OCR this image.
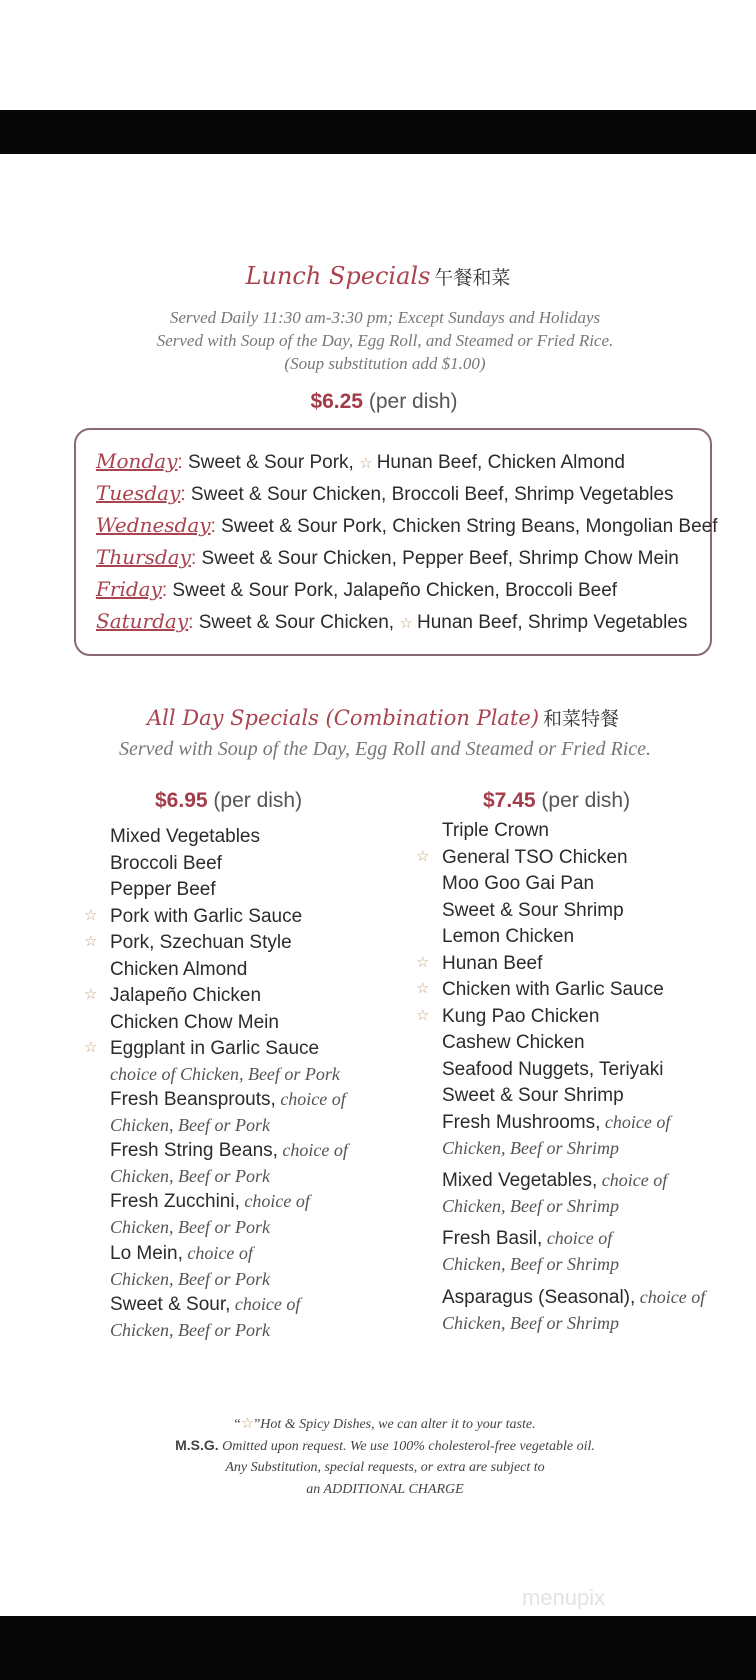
Lunch Specials 午餐和菜
Served Daily 11:30 am-3:30 pm; Except Sundays and Holidays
Served with Soup of the Day, Egg Roll, and Steamed or Fried Rice.
(Soup substitution add $1.00)
$6.25 (per dish)
Monday: Sweet & Sour Pork, ☆ Hunan Beef, Chicken Almond
Tuesday: Sweet & Sour Chicken, Broccoli Beef, Shrimp Vegetables
Wednesday: Sweet & Sour Pork, Chicken String Beans, Mongolian Beef
Thursday: Sweet & Sour Chicken, Pepper Beef, Shrimp Chow Mein
Friday: Sweet & Sour Pork, Jalapeño Chicken, Broccoli Beef
Saturday: Sweet & Sour Chicken, ☆ Hunan Beef, Shrimp Vegetables
All Day Specials (Combination Plate) 和菜特餐
Served with Soup of the Day, Egg Roll and Steamed or Fried Rice.
$6.95 (per dish)	$7.45 (per dish)
Mixed Vegetables
Broccoli Beef
Pepper Beef
☆ Pork with Garlic Sauce
☆ Pork, Szechuan Style
Chicken Almond
☆ Jalapeño Chicken
Chicken Chow Mein
☆ Eggplant in Garlic Sauce
choice of Chicken, Beef or Pork
Fresh Beansprouts, choice of
Chicken, Beef or Pork
Fresh String Beans, choice of
Chicken, Beef or Pork
Fresh Zucchini, choice of
Chicken, Beef or Pork
Lo Mein, choice of
Chicken, Beef or Pork
Sweet & Sour, choice of
Chicken, Beef or Pork
Triple Crown
☆ General TSO Chicken
Moo Goo Gai Pan
Sweet & Sour Shrimp
Lemon Chicken
☆ Hunan Beef
☆ Chicken with Garlic Sauce
☆ Kung Pao Chicken
Cashew Chicken
Seafood Nuggets, Teriyaki
Sweet & Sour Shrimp
Fresh Mushrooms, choice of
Chicken, Beef or Shrimp
Mixed Vegetables, choice of
Chicken, Beef or Shrimp
Fresh Basil, choice of
Chicken, Beef or Shrimp
Asparagus (Seasonal), choice of
Chicken, Beef or Shrimp
“☆”Hot & Spicy Dishes, we can alter it to your taste.
M.S.G. Omitted upon request. We use 100% cholesterol-free vegetable oil.
Any Substitution, special requests, or extra are subject to
an ADDITIONAL CHARGE
menupix
